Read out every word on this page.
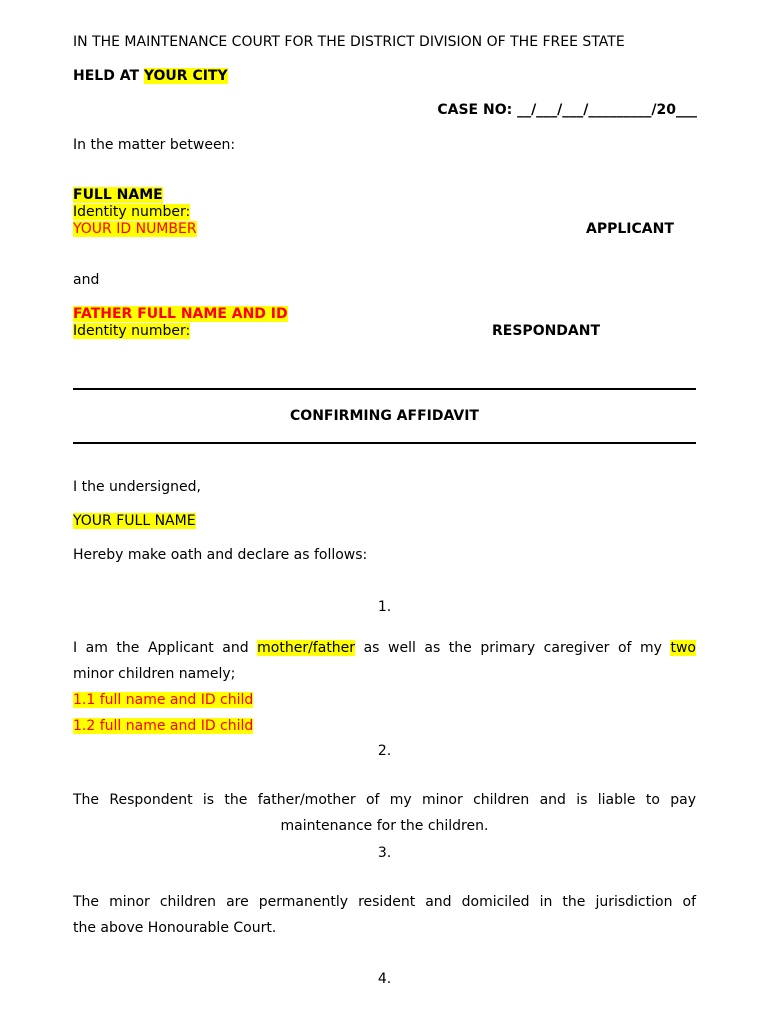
IN THE MAINTENANCE COURT FOR THE DISTRICT DIVISION OF THE FREE STATE
HELD AT YOUR CITY
CASE NO: __/___/___/_________/20___
In the matter between:
FULL NAME
Identity number:
YOUR ID NUMBER	APPLICANT
and
FATHER FULL NAME AND ID
Identity number:	RESPONDANT
CONFIRMING AFFIDAVIT
I the undersigned,
YOUR FULL NAME
Hereby make oath and declare as follows:
1.
I am the Applicant and mother/father as well as the primary caregiver of my two
minor children namely;
1.1 full name and ID child
1.2 full name and ID child
2.
The Respondent is the father/mother of my minor children and is liable to pay
maintenance for the children.
3.
The minor children are permanently resident and domiciled in the jurisdiction of
the above Honourable Court.
4.
